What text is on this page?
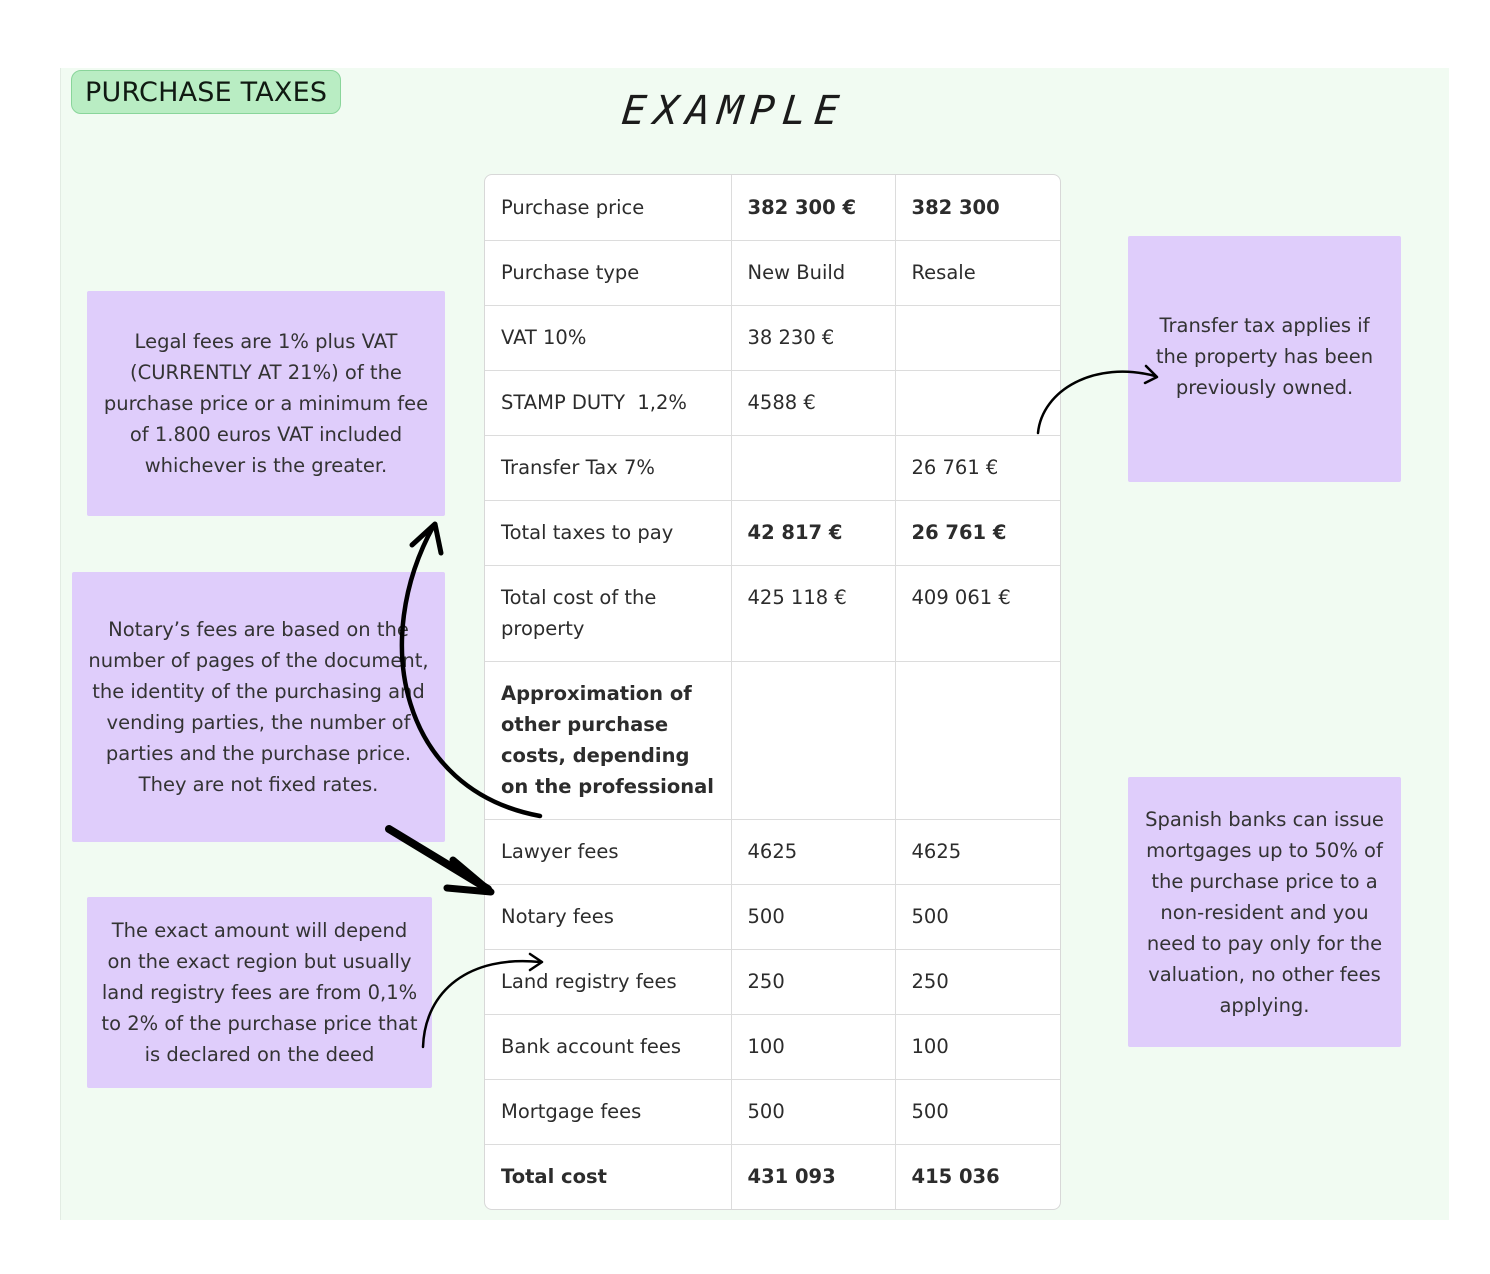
PURCHASE TAXES	EXAMPLE
Legal fees are 1% plus VAT (CURRENTLY AT 21%) of the purchase price or a minimum fee of 1.800 euros VAT included whichever is the greater.
Notary’s fees are based on the number of pages of the document, the identity of the purchasing and vending parties, the number of parties and the purchase price. They are not fixed rates.
The exact amount will depend on the exact region but usually land registry fees are from 0,1% to 2% of the purchase price that is declared on the deed
Transfer tax applies if the property has been previously owned.
Spanish banks can issue mortgages up to 50% of the purchase price to a non-resident and you need to pay only for the valuation, no other fees applying.
Purchase price	382 300 €	382 300
Purchase type	New Build	Resale
VAT 10%	38 230 €	
STAMP DUTY  1,2%	4588 €	
Transfer Tax 7%		26 761 €
Total taxes to pay	42 817 €	26 761 €
Total cost of the property	425 118 €	409 061 €
Approximation of other purchase costs, depending on the professional		
Lawyer fees	4625	4625
Notary fees	500	500
Land registry fees	250	250
Bank account fees	100	100
Mortgage fees	500	500
Total cost	431 093	415 036
